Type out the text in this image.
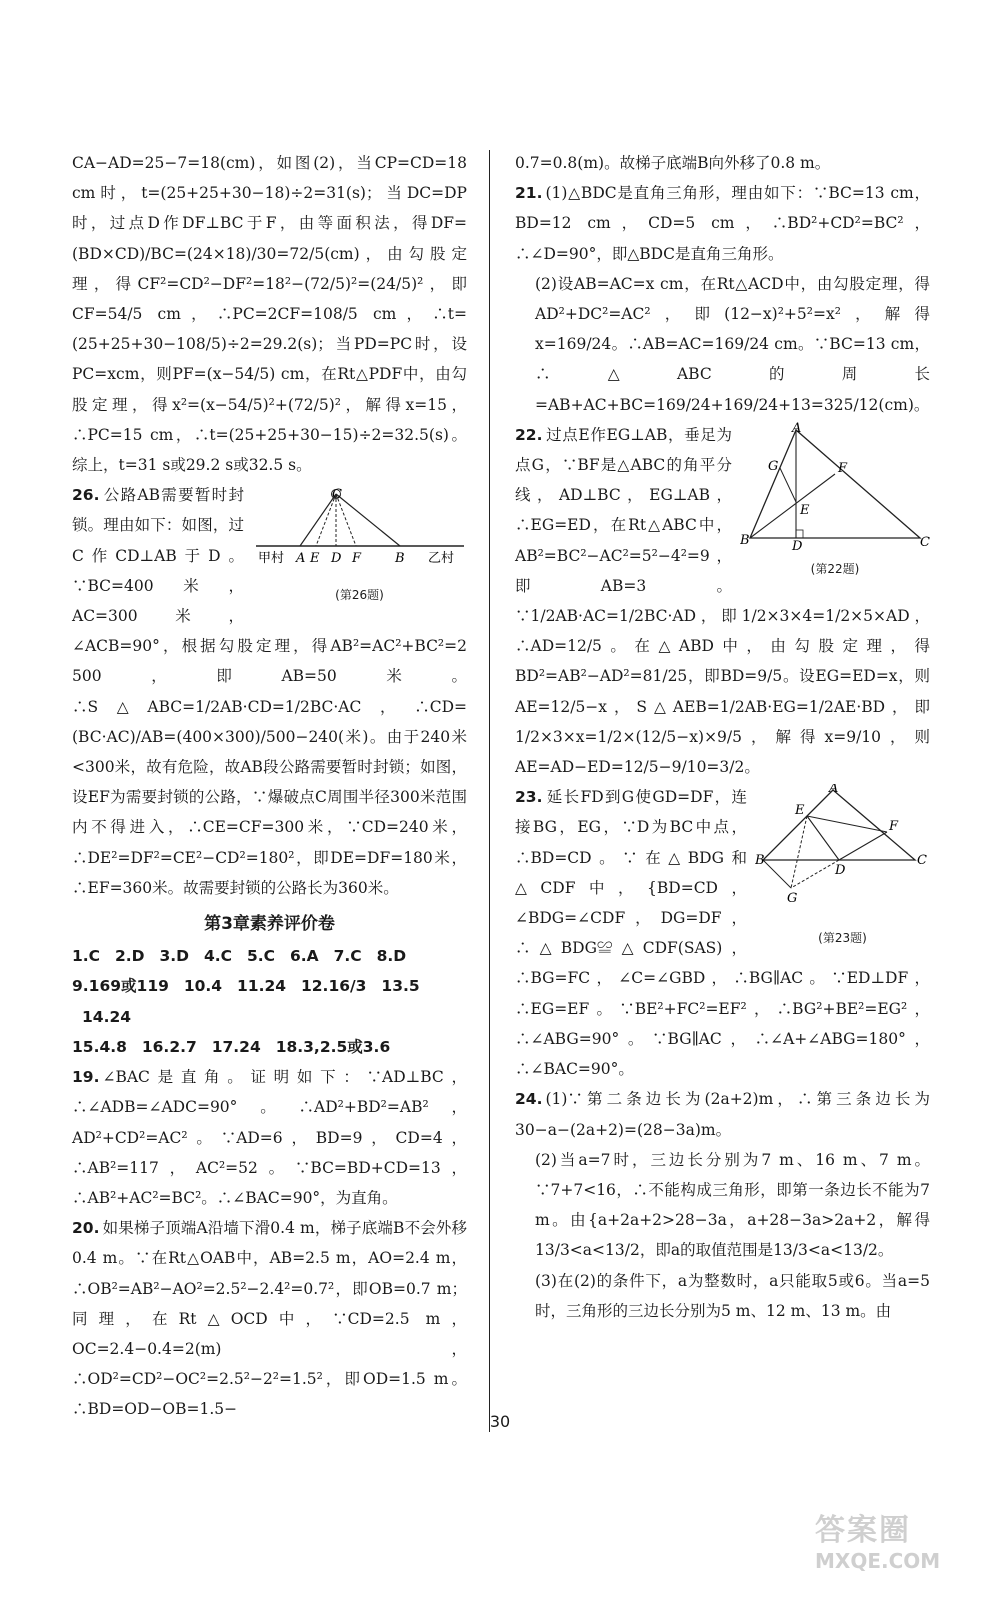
CA−AD=25−7=18(cm)，如图(2)，当CP=CD=18 cm时，t=(25+25+30−18)÷2=31(s)；当DC=DP时，过点D作DF⊥BC于F，由等面积法，得DF=(BD×CD)/BC=(24×18)/30=72/5(cm)，由勾股定理，得CF²=CD²−DF²=18²−(72/5)²=(24/5)²，即CF=54/5 cm，∴PC=2CF=108/5 cm，∴t=(25+25+30−108/5)÷2=29.2(s)；当PD=PC时，设PC=xcm，则PF=(x−54/5) cm，在Rt△PDF中，由勾股定理，得x²=(x−54/5)²+(72/5)²，解得x=15，∴PC=15 cm，∴t=(25+25+30−15)÷2=32.5(s)。综上，t=31 s或29.2 s或32.5 s。

C
甲村 A E D F	B 乙村
(第26题)

26. 公路AB需要暂时封锁。理由如下：如图，过C作CD⊥AB于D。∵BC=400米，AC=300米，∠ACB=90°，根据勾股定理，得AB²=AC²+BC²=2 500，即AB=50米。∴S△ABC=1/2AB·CD=1/2BC·AC，∴CD=(BC·AC)/AB=(400×300)/500−240(米)。由于240米<300米，故有危险，故AB段公路需要暂时封锁；如图，设EF为需要封锁的公路，∵爆破点C周围半径300米范围内不得进入，∴CE=CF=300米，∵CD=240米，∴DE²=DF²=CE²−CD²=180²，即DE=DF=180米，∴EF=360米。故需要封锁的公路长为360米。

第3章素养评价卷
1.C 2.D 3.D 4.C 5.C 6.A 7.C 8.D
9.169或119 10.4 11.24 12.16/3 13.5 14.24
15.4.8 16.2.7 17.24 18.3,2.5或3.6

19. ∠BAC是直角。证明如下：∵AD⊥BC，∴∠ADB=∠ADC=90°。∴AD²+BD²=AB²，AD²+CD²=AC²。∵AD=6，BD=9，CD=4，∴AB²=117，AC²=52。∵BC=BD+CD=13，∴AB²+AC²=BC²。∴∠BAC=90°，为直角。

20. 如果梯子顶端A沿墙下滑0.4 m，梯子底端B不会外移0.4 m。∵在Rt△OAB中，AB=2.5 m，AO=2.4 m，∴OB²=AB²−AO²=2.5²−2.4²=0.7²，即OB=0.7 m；同理，在Rt△OCD中，∵CD=2.5 m，OC=2.4−0.4=2(m)，∴OD²=CD²−OC²=2.5²−2²=1.5²，即OD=1.5 m。∴BD=OD−OB=1.5−

0.7=0.8(m)。故梯子底端B向外移了0.8 m。

21. (1)△BDC是直角三角形，理由如下：∵BC=13 cm，BD=12 cm，CD=5 cm，∴BD²+CD²=BC²，∴∠D=90°，即△BDC是直角三角形。

(2)设AB=AC=x cm，在Rt△ACD中，由勾股定理，得AD²+DC²=AC²，即(12−x)²+5²=x²，解得x=169/24。∴AB=AC=169/24 cm。∵BC=13 cm，∴△ABC的周长=AB+AC+BC=169/24+169/24+13=325/12(cm)。

A
G	F
E
B	D	C
(第22题)

22. 过点E作EG⊥AB，垂足为点G，∵BF是△ABC的角平分线，AD⊥BC，EG⊥AB，∴EG=ED，在Rt△ABC中，AB²=BC²−AC²=5²−4²=9，即AB=3。∵1/2AB·AC=1/2BC·AD，即1/2×3×4=1/2×5×AD，∴AD=12/5。在△ABD中，由勾股定理，得BD²=AB²−AD²=81/25，即BD=9/5。设EG=ED=x，则AE=12/5−x，S△AEB=1/2AB·EG=1/2AE·BD，即1/2×3×x=1/2×(12/5−x)×9/5，解得x=9/10，则AE=AD−ED=12/5−9/10=3/2。

A
E
F
B
D
C
G
(第23题)

23. 延长FD到G使GD=DF，连接BG，EG，∵D为BC中点，∴BD=CD。∵在△BDG和△CDF中，{BD=CD，∠BDG=∠CDF，DG=DF，∴△BDG≌△CDF(SAS)，∴BG=FC，∠C=∠GBD，∴BG∥AC。∵ED⊥DF，∴EG=EF。∵BE²+FC²=EF²，∴BG²+BE²=EG²，∴∠ABG=90°。∵BG∥AC，∴∠A+∠ABG=180°，∴∠BAC=90°。

24. (1)∵第二条边长为(2a+2)m，∴第三条边长为30−a−(2a+2)=(28−3a)m。

(2)当a=7时，三边长分别为7 m、16 m、7 m。∵7+7<16，∴不能构成三角形，即第一条边长不能为7 m。由{a+2a+2>28−3a，a+28−3a>2a+2，解得13/3<a<13/2，即a的取值范围是13/3<a<13/2。

(3)在(2)的条件下，a为整数时，a只能取5或6。当a=5时，三角形的三边长分别为5 m、12 m、13 m。由

30
答案圈
MXQE.COM
